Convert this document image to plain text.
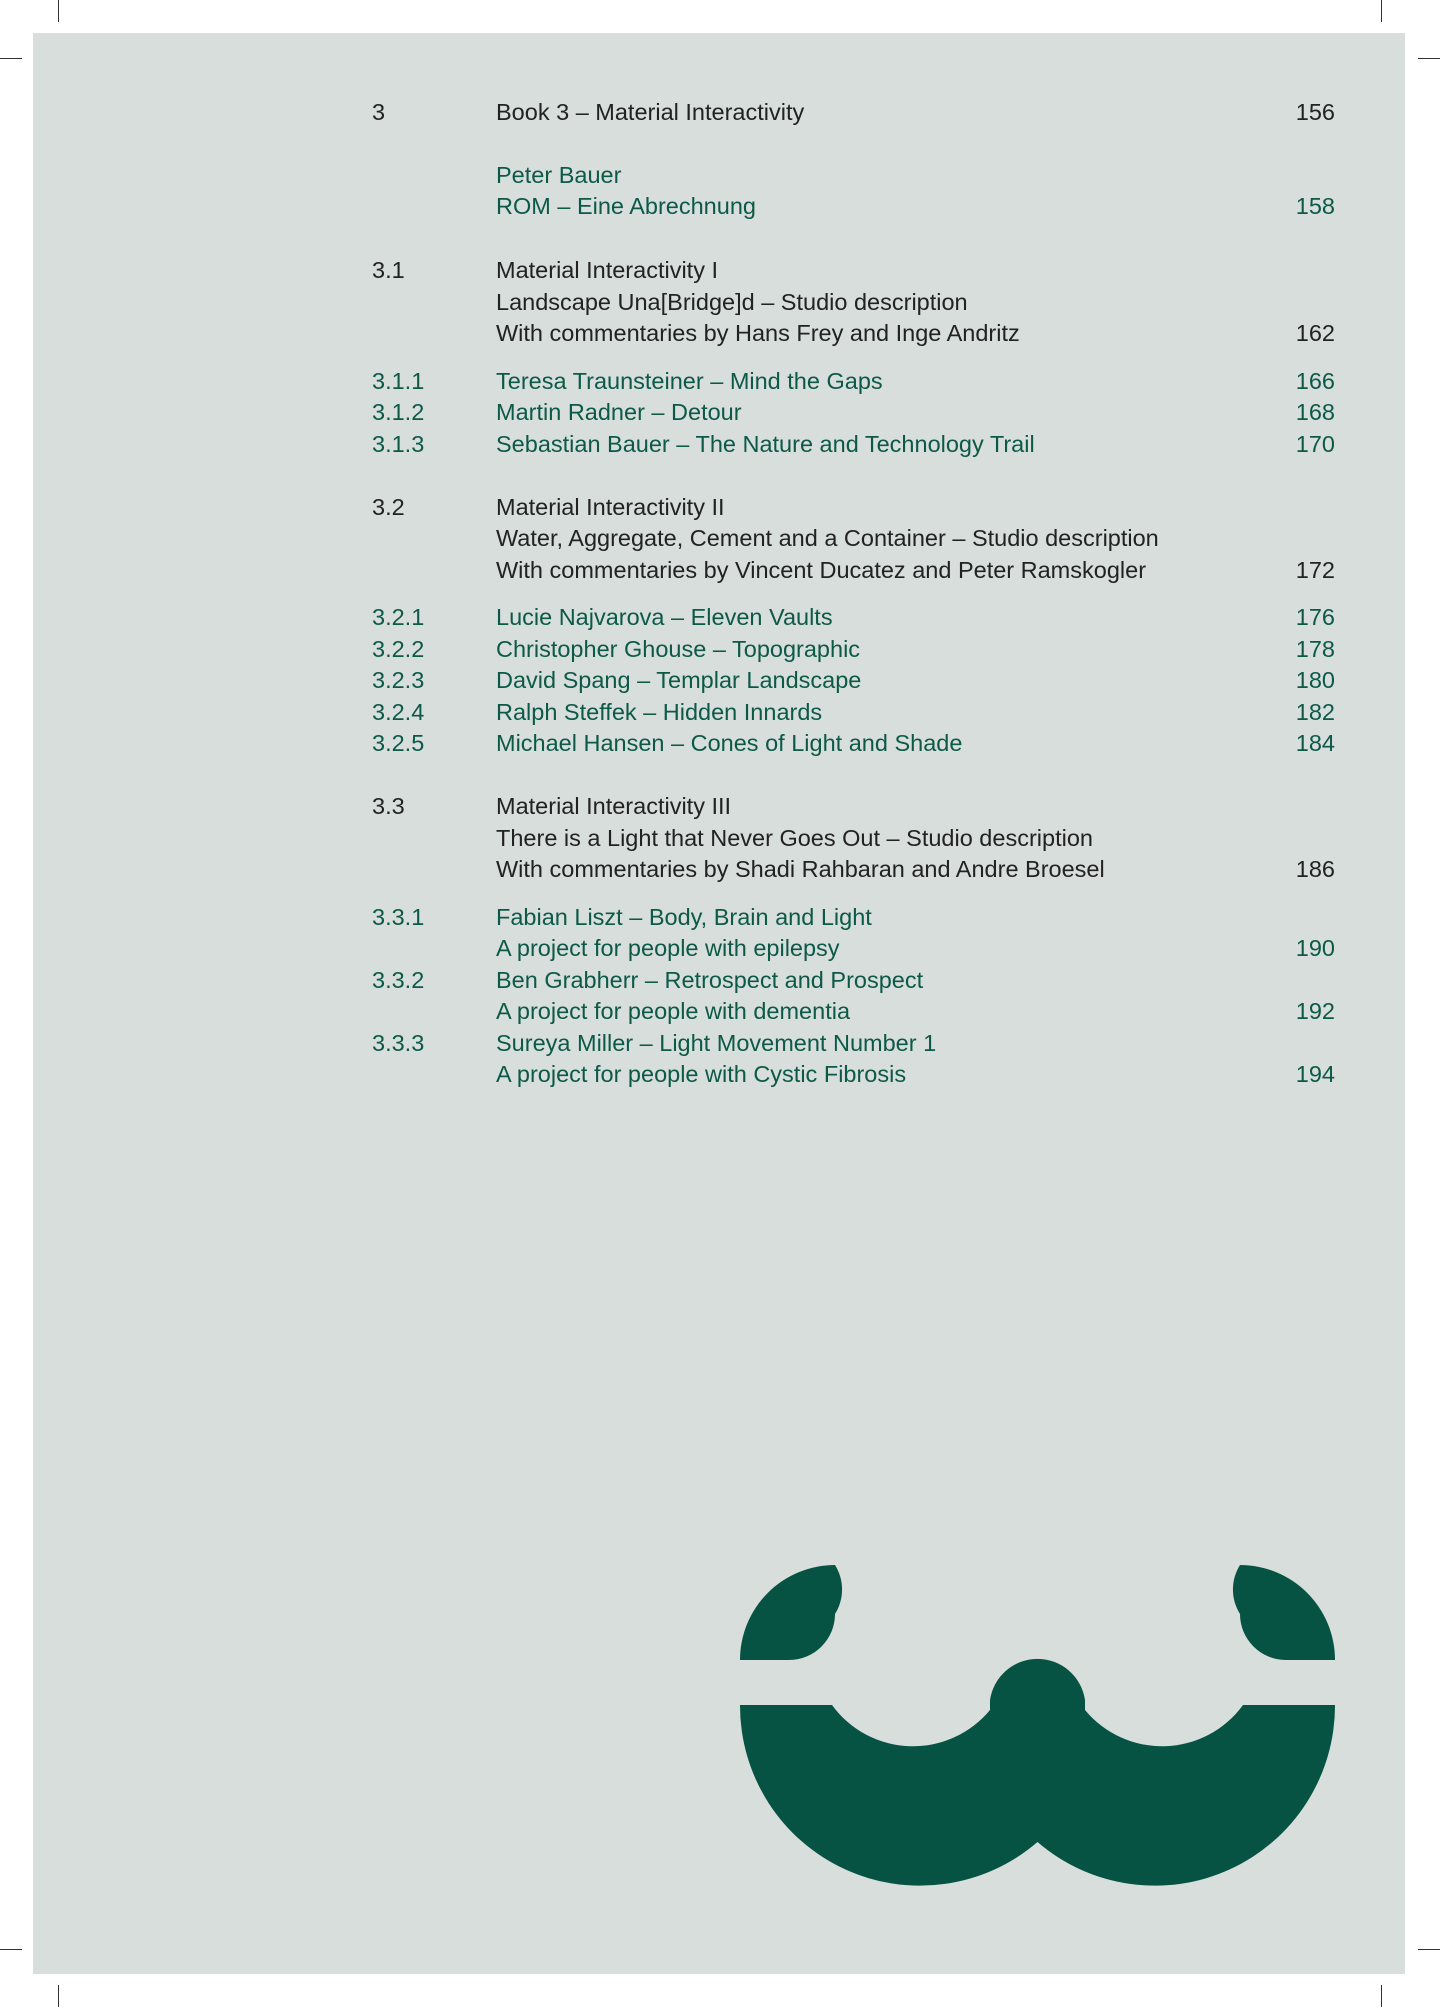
3	Book 3 – Material Interactivity	156
Peter Bauer
ROM – Eine Abrechnung	158
3.1	Material Interactivity I
Landscape Una[Bridge]d – Studio description
With commentaries by Hans Frey and Inge Andritz	162
3.1.1	Teresa Traunsteiner – Mind the Gaps	166
3.1.2	Martin Radner – Detour	168
3.1.3	Sebastian Bauer – The Nature and Technology Trail	170
3.2	Material Interactivity II
Water, Aggregate, Cement and a Container – Studio description
With commentaries by Vincent Ducatez and Peter Ramskogler	172
3.2.1	Lucie Najvarova – Eleven Vaults	176
3.2.2	Christopher Ghouse – Topographic	178
3.2.3	David Spang – Templar Landscape	180
3.2.4	Ralph Steffek – Hidden Innards	182
3.2.5	Michael Hansen – Cones of Light and Shade	184
3.3	Material Interactivity III
There is a Light that Never Goes Out – Studio description
With commentaries by Shadi Rahbaran and Andre Broesel	186
3.3.1	Fabian Liszt – Body, Brain and Light
A project for people with epilepsy	190
3.3.2	Ben Grabherr – Retrospect and Prospect
A project for people with dementia	192
3.3.3	Sureya Miller – Light Movement Number 1
A project for people with Cystic Fibrosis	194
